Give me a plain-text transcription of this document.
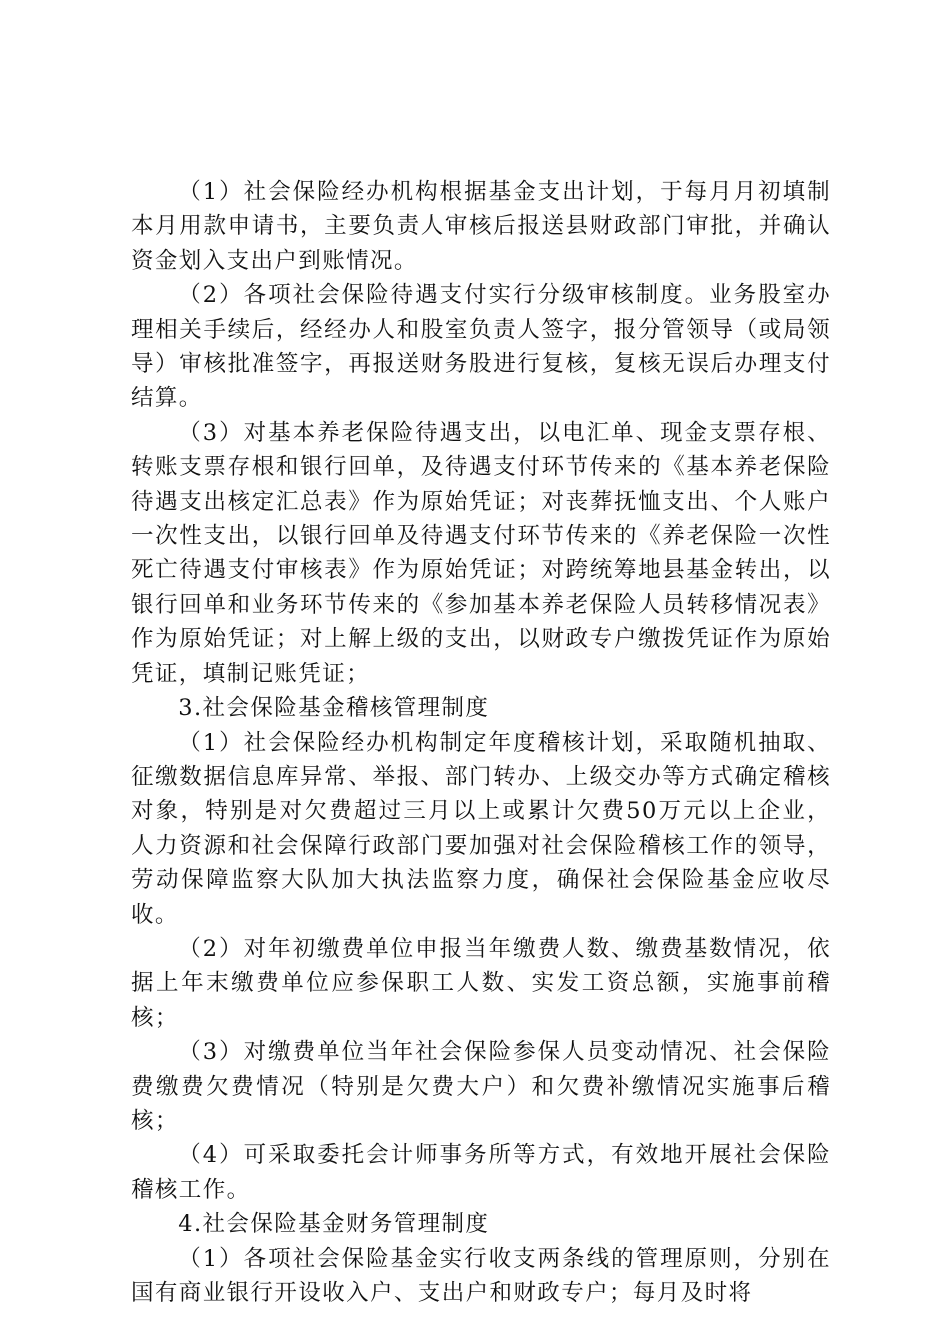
（1）社会保险经办机构根据基金支出计划，于每月月初填制本月用款申请书，主要负责人审核后报送县财政部门审批，并确认资金划入支出户到账情况。

（2）各项社会保险待遇支付实行分级审核制度。业务股室办理相关手续后，经经办人和股室负责人签字，报分管领导（或局领导）审核批准签字，再报送财务股进行复核，复核无误后办理支付结算。

（3）对基本养老保险待遇支出，以电汇单、现金支票存根、转账支票存根和银行回单，及待遇支付环节传来的《基本养老保险待遇支出核定汇总表》作为原始凭证；对丧葬抚恤支出、个人账户一次性支出，以银行回单及待遇支付环节传来的《养老保险一次性死亡待遇支付审核表》作为原始凭证；对跨统筹地县基金转出，以银行回单和业务环节传来的《参加基本养老保险人员转移情况表》作为原始凭证；对上解上级的支出，以财政专户缴拨凭证作为原始凭证，填制记账凭证；

3.社会保险基金稽核管理制度

（1）社会保险经办机构制定年度稽核计划，采取随机抽取、征缴数据信息库异常、举报、部门转办、上级交办等方式确定稽核对象，特别是对欠费超过三月以上或累计欠费50万元以上企业，人力资源和社会保障行政部门要加强对社会保险稽核工作的领导，劳动保障监察大队加大执法监察力度，确保社会保险基金应收尽收。

（2）对年初缴费单位申报当年缴费人数、缴费基数情况，依据上年末缴费单位应参保职工人数、实发工资总额，实施事前稽核；

（3）对缴费单位当年社会保险参保人员变动情况、社会保险费缴费欠费情况（特别是欠费大户）和欠费补缴情况实施事后稽核；

（4）可采取委托会计师事务所等方式，有效地开展社会保险稽核工作。

4.社会保险基金财务管理制度

（1）各项社会保险基金实行收支两条线的管理原则，分别在国有商业银行开设收入户、支出户和财政专户；每月及时将
